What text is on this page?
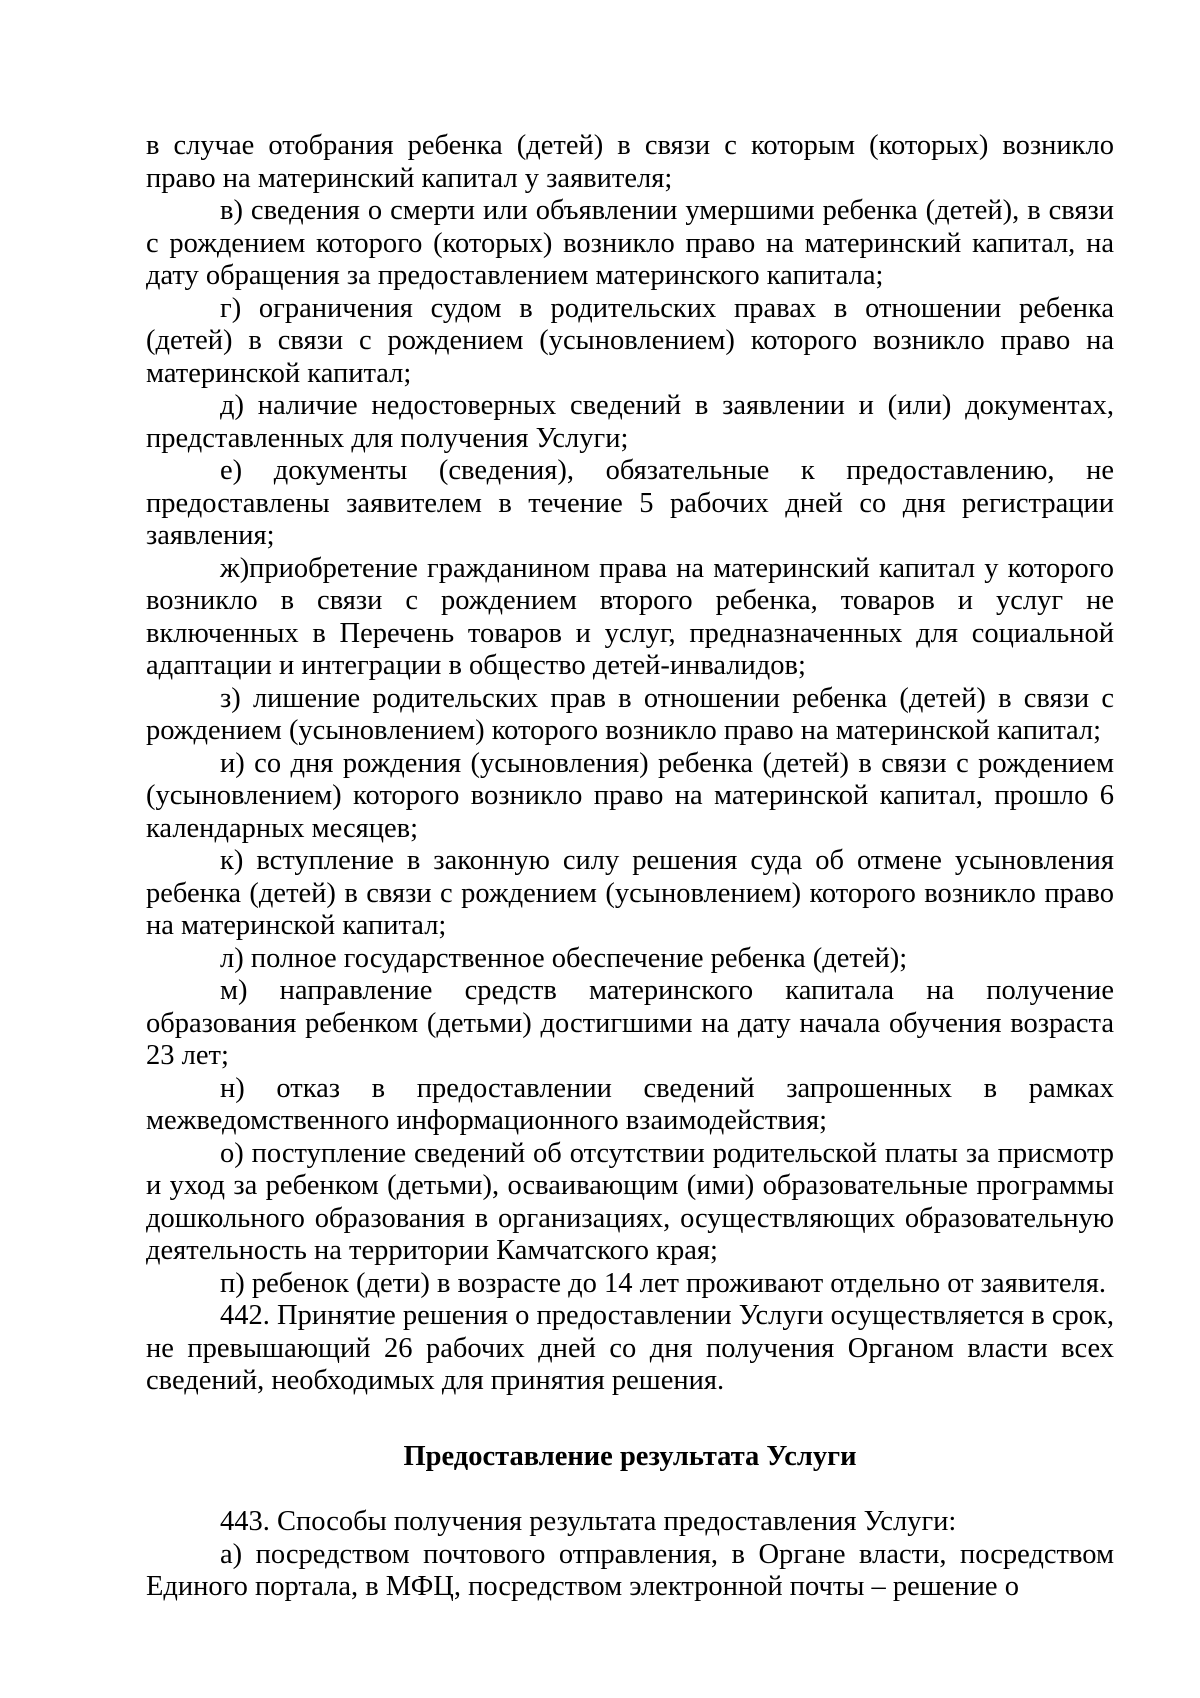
в случае отобрания ребенка (детей) в связи с которым (которых) возникло право на материнский капитал у заявителя;

в) сведения о смерти или объявлении умершими ребенка (детей), в связи с рождением которого (которых) возникло право на материнский капитал, на дату обращения за предоставлением материнского капитала;

г) ограничения судом в родительских правах в отношении ребенка (детей) в связи с рождением (усыновлением) которого возникло право на материнской капитал;

д) наличие недостоверных сведений в заявлении и (или) документах, представленных для получения Услуги;

е) документы (сведения), обязательные к предоставлению, не предоставлены заявителем в течение 5 рабочих дней со дня регистрации заявления;

ж)приобретение гражданином права на материнский капитал у которого возникло в связи с рождением второго ребенка, товаров и услуг не включенных в Перечень товаров и услуг, предназначенных для социальной адаптации и интеграции в общество детей-инвалидов;

з) лишение родительских прав в отношении ребенка (детей) в связи с рождением (усыновлением) которого возникло право на материнской капитал;

и) со дня рождения (усыновления) ребенка (детей) в связи с рождением (усыновлением) которого возникло право на материнской капитал, прошло 6 календарных месяцев;

к) вступление в законную силу решения суда об отмене усыновления ребенка (детей) в связи с рождением (усыновлением) которого возникло право на материнской капитал;

л) полное государственное обеспечение ребенка (детей);

м) направление средств материнского капитала на получение образования ребенком (детьми) достигшими на дату начала обучения возраста 23 лет;

н) отказ в предоставлении сведений запрошенных в рамках межведомственного информационного взаимодействия;

о) поступление сведений об отсутствии родительской платы за присмотр и уход за ребенком (детьми), осваивающим (ими) образовательные программы дошкольного образования в организациях, осуществляющих образовательную деятельность на территории Камчатского края;

п) ребенок (дети) в возрасте до 14 лет проживают отдельно от заявителя.

442. Принятие решения о предоставлении Услуги осуществляется в срок, не превышающий 26 рабочих дней со дня получения Органом власти всех сведений, необходимых для принятия решения.

Предоставление результата Услуги

443. Способы получения результата предоставления Услуги:

а) посредством почтового отправления, в Органе власти, посредством Единого портала, в МФЦ, посредством электронной почты – решение о
